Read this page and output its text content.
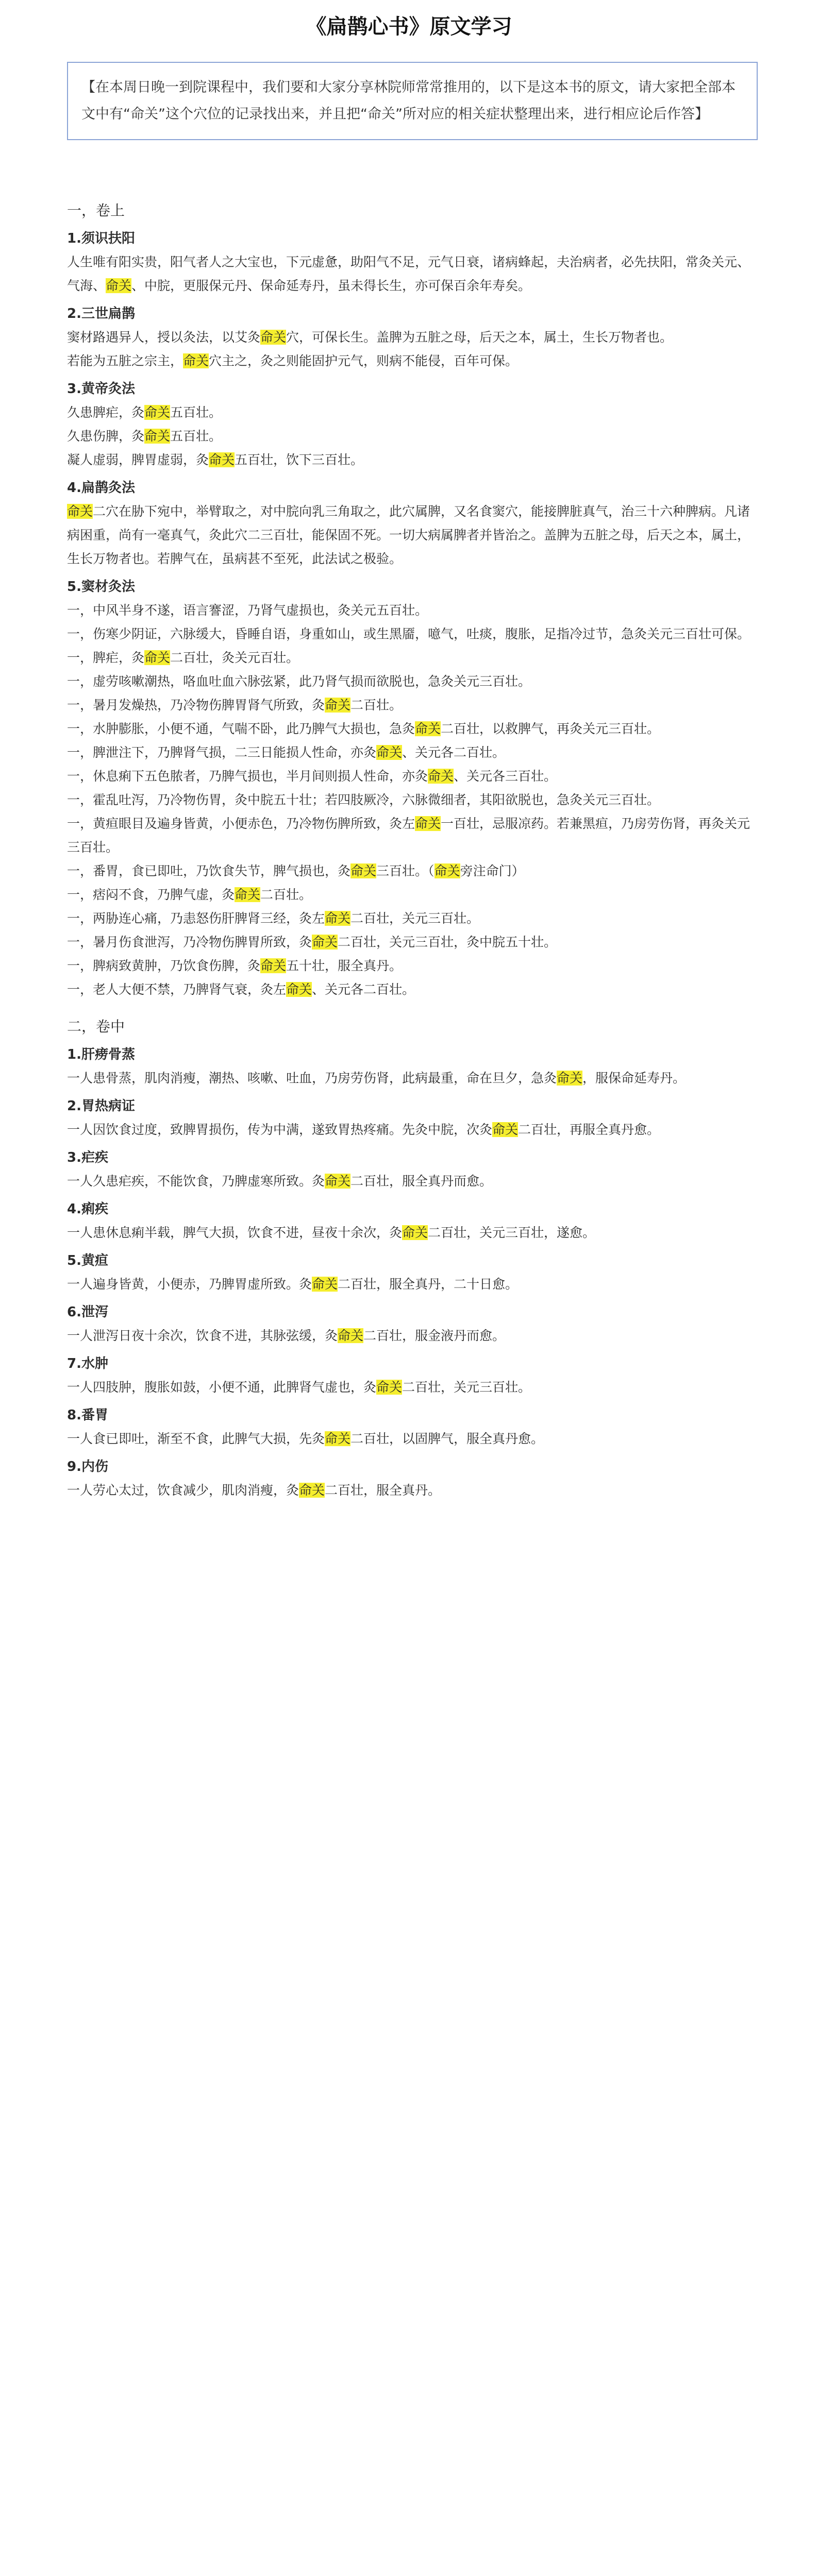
《扁鹊心书》原文学习
【在本周日晚一到院课程中，我们要和大家分享林院师常常推用的，以下是这本书的原文，请大家把全部本文中有“命关”这个穴位的记录找出来，并且把“命关”所对应的相关症状整理出来，进行相应论后作答】
一，卷上
1.须识扶阳

人生唯有阳实贵，阳气者人之大宝也，下元虚惫，助阳气不足，元气日衰，诸病蜂起，夫治病者，必先扶阳，常灸关元、气海、命关、中脘，更服保元丹、保命延寿丹，虽未得长生，亦可保百余年寿矣。

2.三世扁鹊

窦材路遇异人，授以灸法，以艾灸命关穴，可保长生。盖脾为五脏之母，后天之本，属土，生长万物者也。

若能为五脏之宗主，命关穴主之，灸之则能固护元气，则病不能侵，百年可保。

3.黄帝灸法

久患脾疟，灸命关五百壮。

久患伤脾，灸命关五百壮。

凝人虚弱，脾胃虚弱，灸命关五百壮，饮下三百壮。

4.扁鹊灸法

命关二穴在胁下宛中，举臂取之，对中脘向乳三角取之，此穴属脾，又名食窦穴，能接脾脏真气，治三十六种脾病。凡诸病困重，尚有一毫真气，灸此穴二三百壮，能保固不死。一切大病属脾者并皆治之。盖脾为五脏之母，后天之本，属土，生长万物者也。若脾气在，虽病甚不至死，此法试之极验。

5.窦材灸法

一，中风半身不遂，语言謇涩，乃肾气虚损也，灸关元五百壮。

一，伤寒少阴证，六脉缓大，昏睡自语，身重如山，或生黑靥，噫气，吐痰，腹胀，足指冷过节，急灸关元三百壮可保。

一，脾疟，灸命关二百壮，灸关元百壮。

一，虚劳咳嗽潮热，咯血吐血六脉弦紧，此乃肾气损而欲脱也，急灸关元三百壮。

一，暑月发燥热，乃冷物伤脾胃肾气所致，灸命关二百壮。

一，水肿膨胀，小便不通，气喘不卧，此乃脾气大损也，急灸命关二百壮，以救脾气，再灸关元三百壮。

一，脾泄注下，乃脾肾气损，二三日能损人性命，亦灸命关、关元各二百壮。

一，休息痢下五色脓者，乃脾气损也，半月间则损人性命，亦灸命关、关元各三百壮。

一，霍乱吐泻，乃冷物伤胃，灸中脘五十壮；若四肢厥冷，六脉微细者，其阳欲脱也，急灸关元三百壮。

一，黄疸眼目及遍身皆黄，小便赤色，乃冷物伤脾所致，灸左命关一百壮，忌服凉药。若兼黑疸，乃房劳伤肾，再灸关元三百壮。

一，番胃，食已即吐，乃饮食失节，脾气损也，灸命关三百壮。（命关旁注命门）

一，痞闷不食，乃脾气虚，灸命关二百壮。

一，两胁连心痛，乃恚怒伤肝脾肾三经，灸左命关二百壮，关元三百壮。

一，暑月伤食泄泻，乃冷物伤脾胃所致，灸命关二百壮，关元三百壮，灸中脘五十壮。

一，脾病致黄肿，乃饮食伤脾，灸命关五十壮，服全真丹。

一，老人大便不禁，乃脾肾气衰，灸左命关、关元各二百壮。

二，卷中
1.肝痨骨蒸

一人患骨蒸，肌肉消瘦，潮热、咳嗽、吐血，乃房劳伤肾，此病最重，命在旦夕，急灸命关，服保命延寿丹。

2.胃热病证

一人因饮食过度，致脾胃损伤，传为中满，遂致胃热疼痛。先灸中脘，次灸命关二百壮，再服全真丹愈。

3.疟疾

一人久患疟疾，不能饮食，乃脾虚寒所致。灸命关二百壮，服全真丹而愈。

4.痢疾

一人患休息痢半载，脾气大损，饮食不进，昼夜十余次，灸命关二百壮，关元三百壮，遂愈。

5.黄疸

一人遍身皆黄，小便赤，乃脾胃虚所致。灸命关二百壮，服全真丹，二十日愈。

6.泄泻

一人泄泻日夜十余次，饮食不进，其脉弦缓，灸命关二百壮，服金液丹而愈。

7.水肿

一人四肢肿，腹胀如鼓，小便不通，此脾肾气虚也，灸命关二百壮，关元三百壮。

8.番胃

一人食已即吐，渐至不食，此脾气大损，先灸命关二百壮，以固脾气，服全真丹愈。

9.内伤

一人劳心太过，饮食减少，肌肉消瘦，灸命关二百壮，服全真丹。
